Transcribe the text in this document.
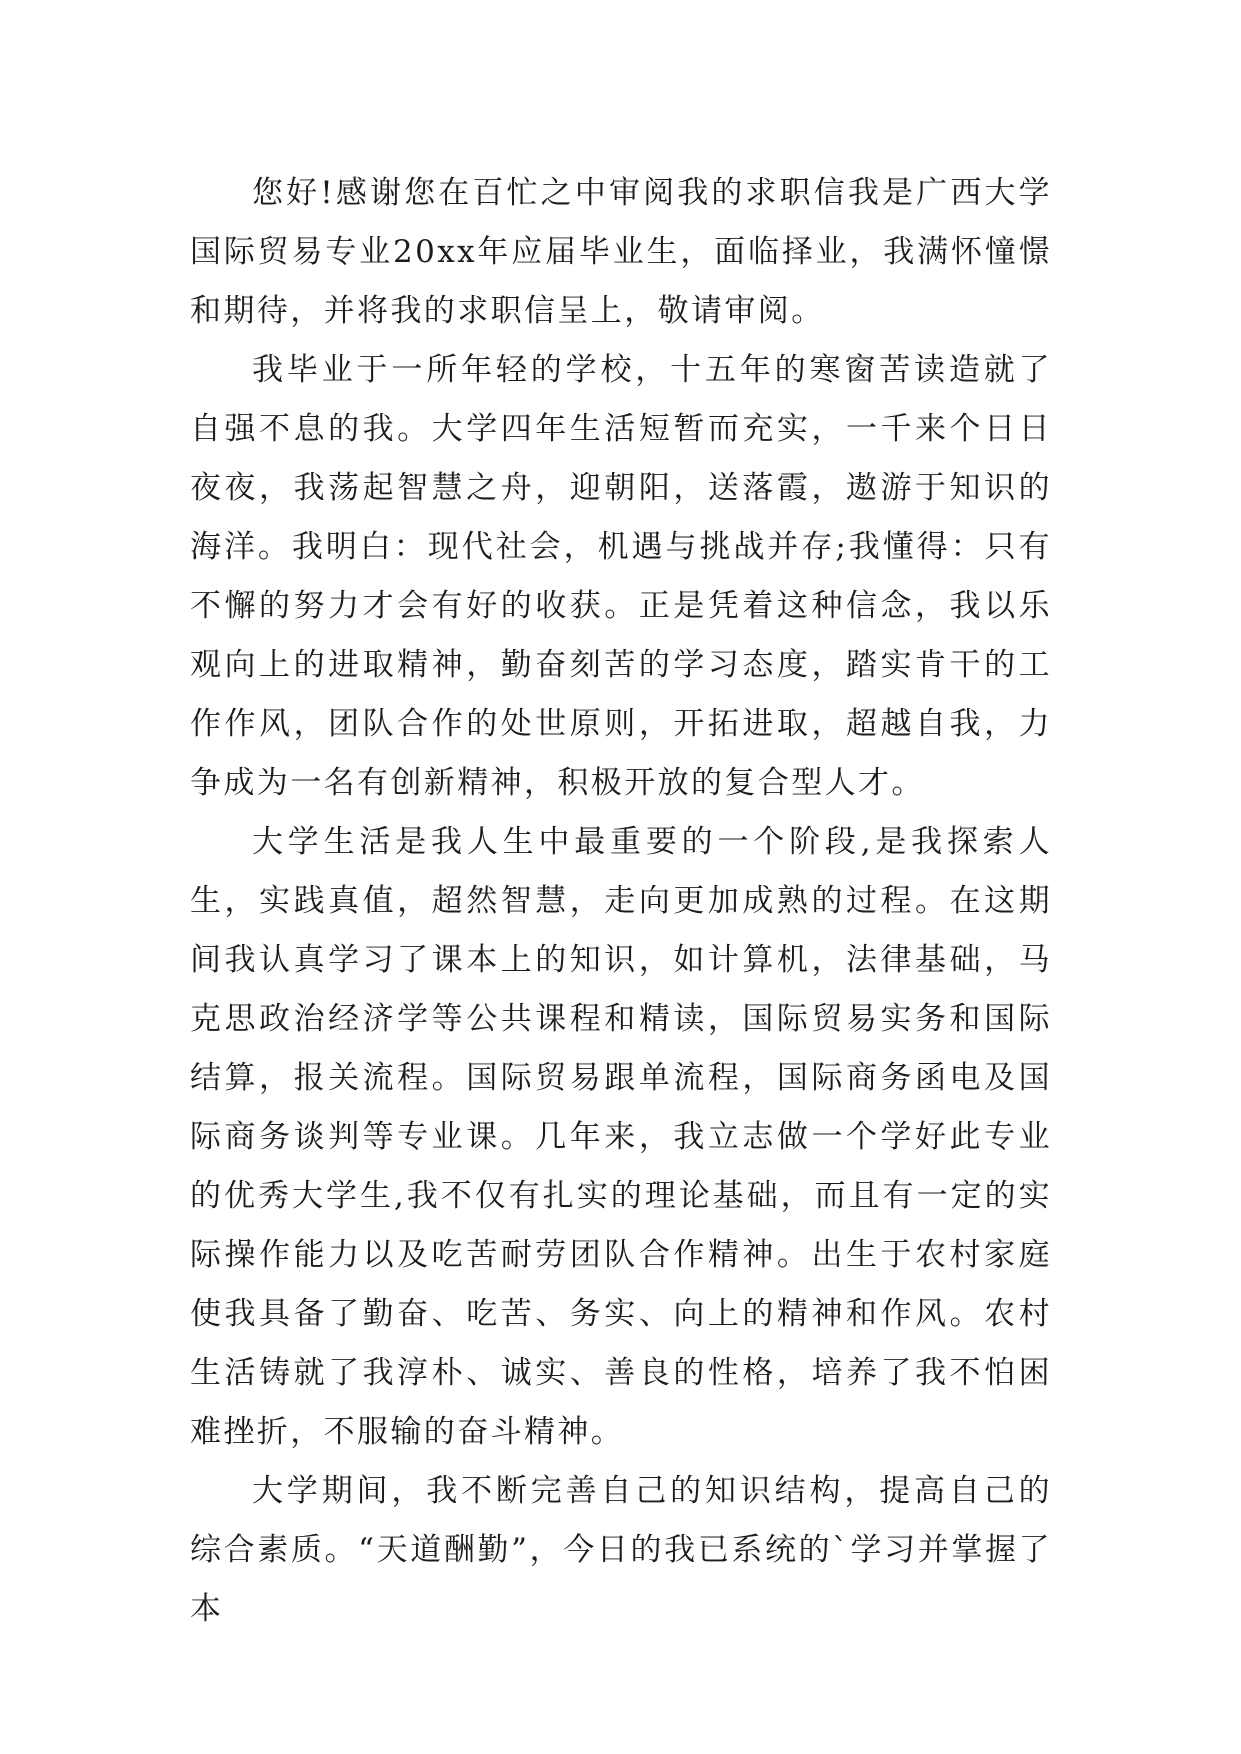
您好!感谢您在百忙之中审阅我的求职信我是广西大学国际贸易专业20xx年应届毕业生，面临择业，我满怀憧憬和期待，并将我的求职信呈上，敬请审阅。

我毕业于一所年轻的学校，十五年的寒窗苦读造就了自强不息的我。大学四年生活短暂而充实，一千来个日日夜夜，我荡起智慧之舟，迎朝阳，送落霞，遨游于知识的海洋。我明白：现代社会，机遇与挑战并存;我懂得：只有不懈的努力才会有好的收获。正是凭着这种信念，我以乐观向上的进取精神，勤奋刻苦的学习态度，踏实肯干的工作作风，团队合作的处世原则，开拓进取，超越自我，力争成为一名有创新精神，积极开放的复合型人才。

大学生活是我人生中最重要的一个阶段,是我探索人生，实践真值，超然智慧，走向更加成熟的过程。在这期间我认真学习了课本上的知识，如计算机，法律基础，马克思政治经济学等公共课程和精读，国际贸易实务和国际结算，报关流程。国际贸易跟单流程，国际商务函电及国际商务谈判等专业课。几年来，我立志做一个学好此专业的优秀大学生,我不仅有扎实的理论基础，而且有一定的实际操作能力以及吃苦耐劳团队合作精神。出生于农村家庭使我具备了勤奋、吃苦、务实、向上的精神和作风。农村生活铸就了我淳朴、诚实、善良的性格，培养了我不怕困难挫折，不服输的奋斗精神。

大学期间，我不断完善自己的知识结构，提高自己的综合素质。“天道酬勤”，今日的我已系统的`学习并掌握了本
